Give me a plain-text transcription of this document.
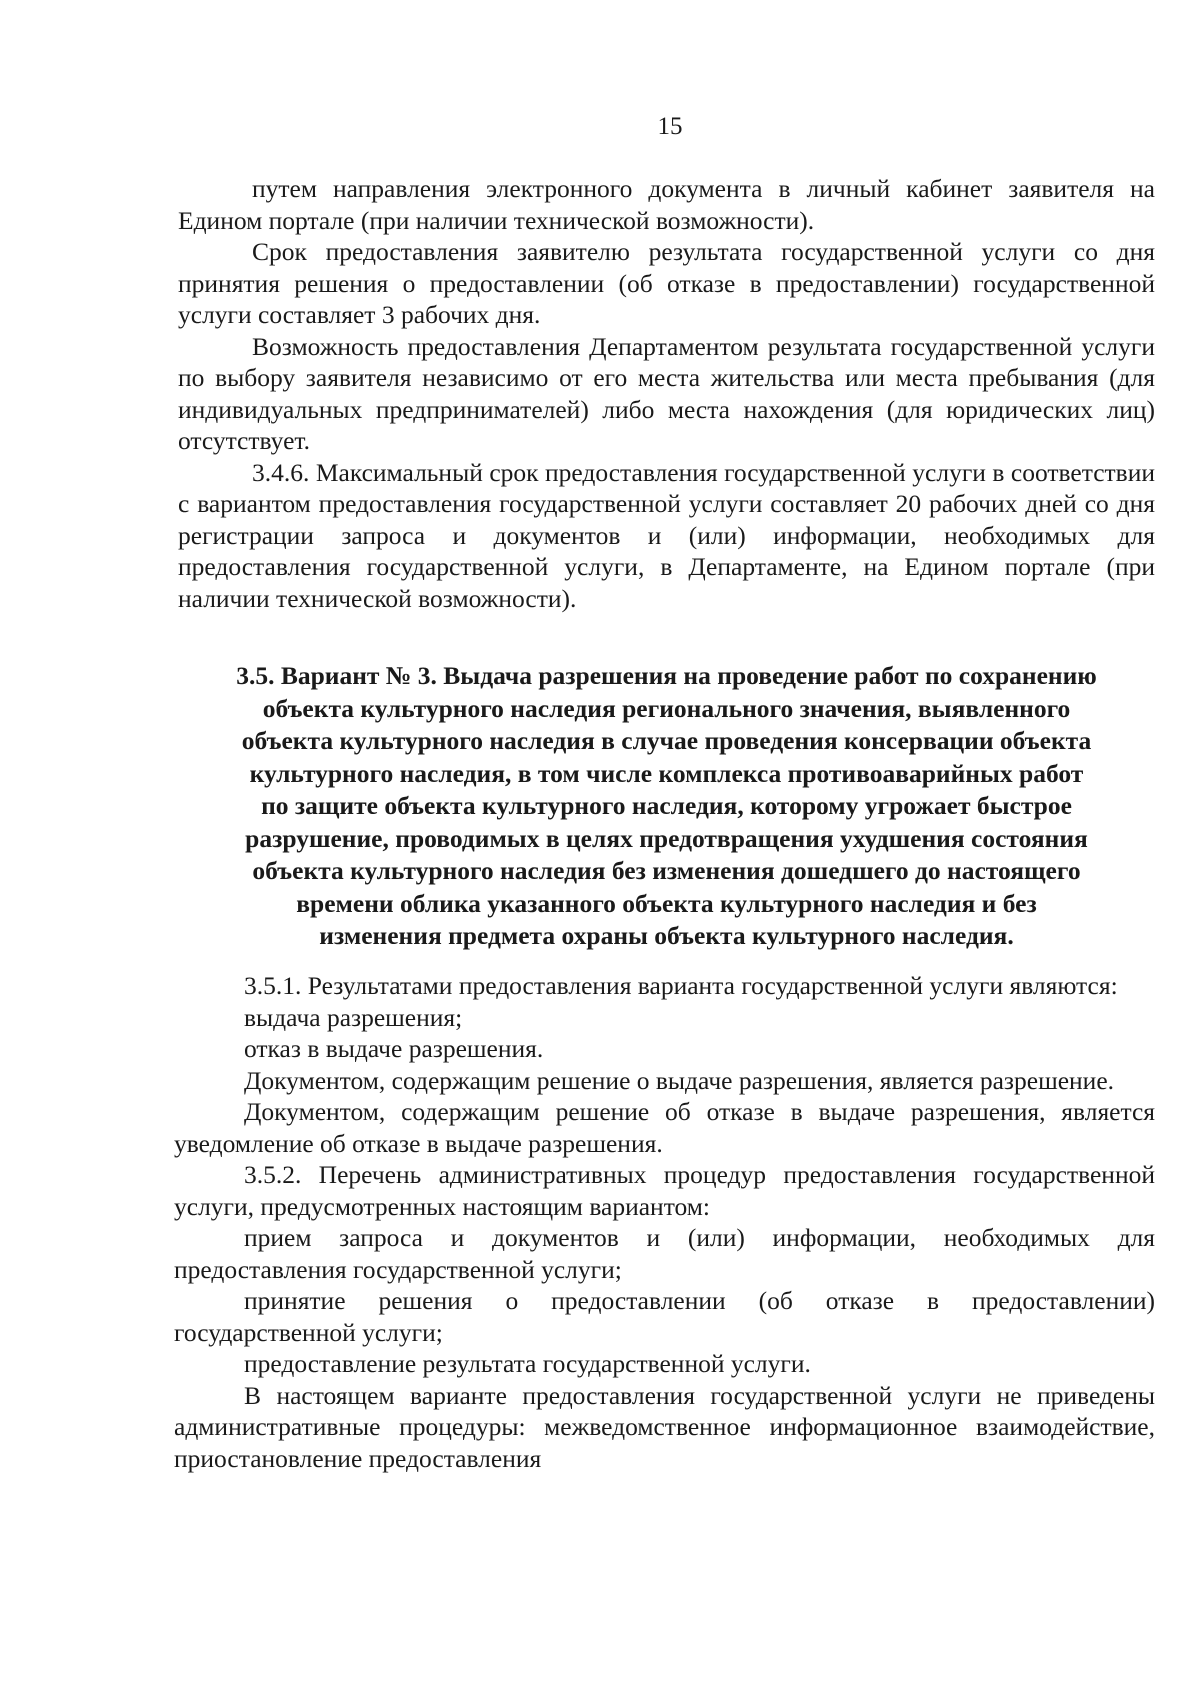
15

путем направления электронного документа в личный кабинет заявителя на Едином портале (при наличии технической возможности).

Срок предоставления заявителю результата государственной услуги со дня принятия решения о предоставлении (об отказе в предоставлении) государственной услуги составляет 3 рабочих дня.

Возможность предоставления Департаментом результата государственной услуги по выбору заявителя независимо от его места жительства или места пребывания (для индивидуальных предпринимателей) либо места нахождения (для юридических лиц) отсутствует.

3.4.6. Максимальный срок предоставления государственной услуги в соответствии с вариантом предоставления государственной услуги составляет 20 рабочих дней со дня регистрации запроса и документов и (или) информации, необходимых для предоставления государственной услуги, в Департаменте, на Едином портале (при наличии технической возможности).

3.5. Вариант № 3. Выдача разрешения на проведение работ по сохранению
объекта культурного наследия регионального значения, выявленного
объекта культурного наследия в случае проведения консервации объекта
культурного наследия, в том числе комплекса противоаварийных работ
по защите объекта культурного наследия, которому угрожает быстрое
разрушение, проводимых в целях предотвращения ухудшения состояния
объекта культурного наследия без изменения дошедшего до настоящего
времени облика указанного объекта культурного наследия и без
изменения предмета охраны объекта культурного наследия.

3.5.1. Результатами предоставления варианта государственной услуги являются:

выдача разрешения;

отказ в выдаче разрешения.

Документом, содержащим решение о выдаче разрешения, является разрешение.

Документом, содержащим решение об отказе в выдаче разрешения, является уведомление об отказе в выдаче разрешения.

3.5.2. Перечень административных процедур предоставления государственной услуги, предусмотренных настоящим вариантом:

прием запроса и документов и (или) информации, необходимых для предоставления государственной услуги;

принятие решения о предоставлении (об отказе в предоставлении) государственной услуги;

предоставление результата государственной услуги.

В настоящем варианте предоставления государственной услуги не приведены административные процедуры: межведомственное информационное взаимодействие, приостановление предоставления
